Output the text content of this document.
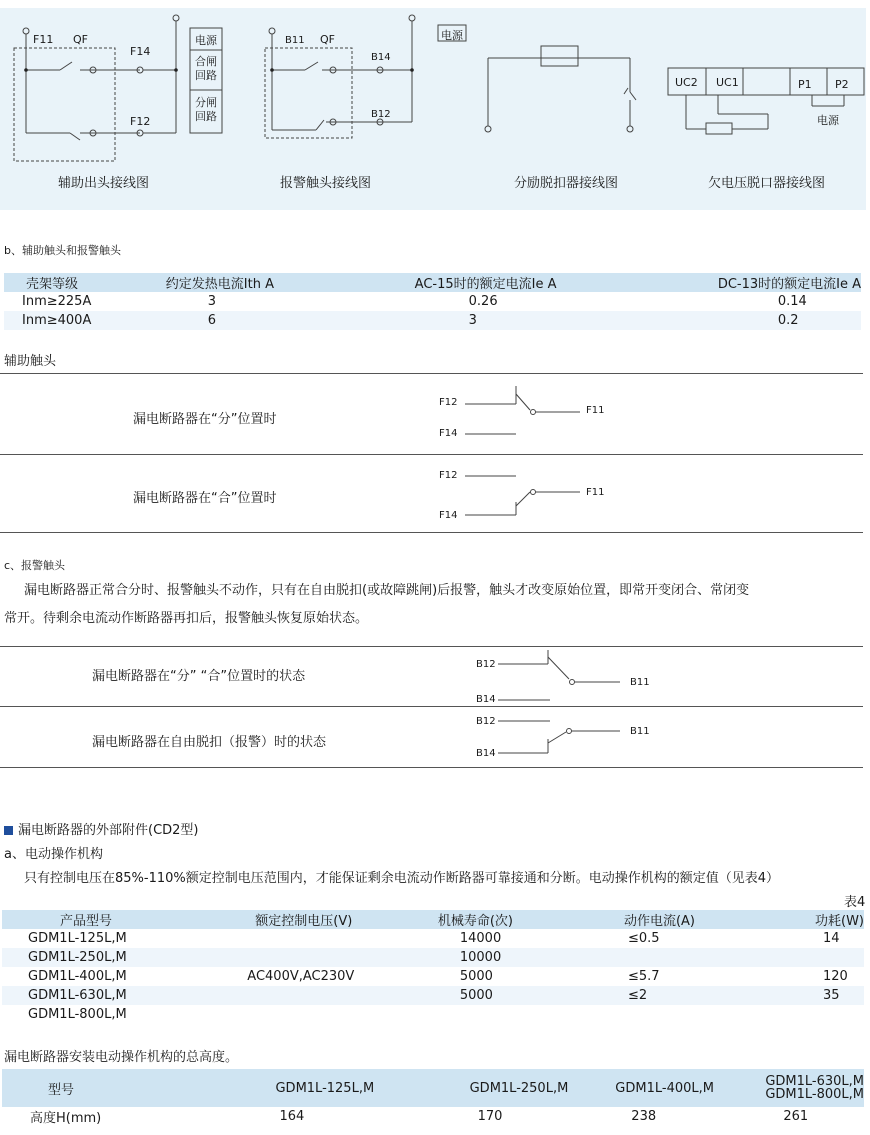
F11 QF
F14
F12
电源
合闸
回路
分闸
回路
辅助出头接线图
B11 QF
B14
B12
报警触头接线图
电源
分励脱扣器接线图
UC2 UC1	P1 P2
电源
欠电压脱口器接线图
b、辅助触头和报警触头
壳架等级	约定发热电流Ith A	AC-15时的额定电流Ie A	DC-13时的额定电流Ie A
Inm≥225A	3	0.26	0.14
Inm≥400A	6	3	0.2
辅助触头
漏电断路器在“分”位置时
漏电断路器在“合”位置时
F12
F14
F11
F12
F14
F11
c、报警触头
漏电断路器正常合分时、报警触头不动作，只有在自由脱扣(或故障跳闸)后报警，触头才改变原始位置，即常开变闭合、常闭变
常开。待剩余电流动作断路器再扣后，报警触头恢复原始状态。
漏电断路器在“分” “合”位置时的状态
漏电断路器在自由脱扣（报警）时的状态
B12
B14
B11
B12
B14
B11
漏电断路器的外部附件(CD2型)
a、电动操作机构
只有控制电压在85%-110%额定控制电压范围内，才能保证剩余电流动作断路器可靠接通和分断。电动操作机构的额定值（见表4）
表4
产品型号	额定控制电压(V)	机械寿命(次)	动作电流(A)	功耗(W)
GDM1L-125L,M		14000	≤0.5	14
GDM1L-250L,M		10000		
GDM1L-400L,M	AC400V,AC230V	5000	≤5.7	120
GDM1L-630L,M		5000	≤2	35
GDM1L-800L,M				
漏电断路器安装电动操作机构的总高度。
型号	GDM1L-125L,M	GDM1L-250L,M	GDM1L-400L,M	GDM1L-630L,M
GDM1L-800L,M
高度H(mm)	164	170	238	261
